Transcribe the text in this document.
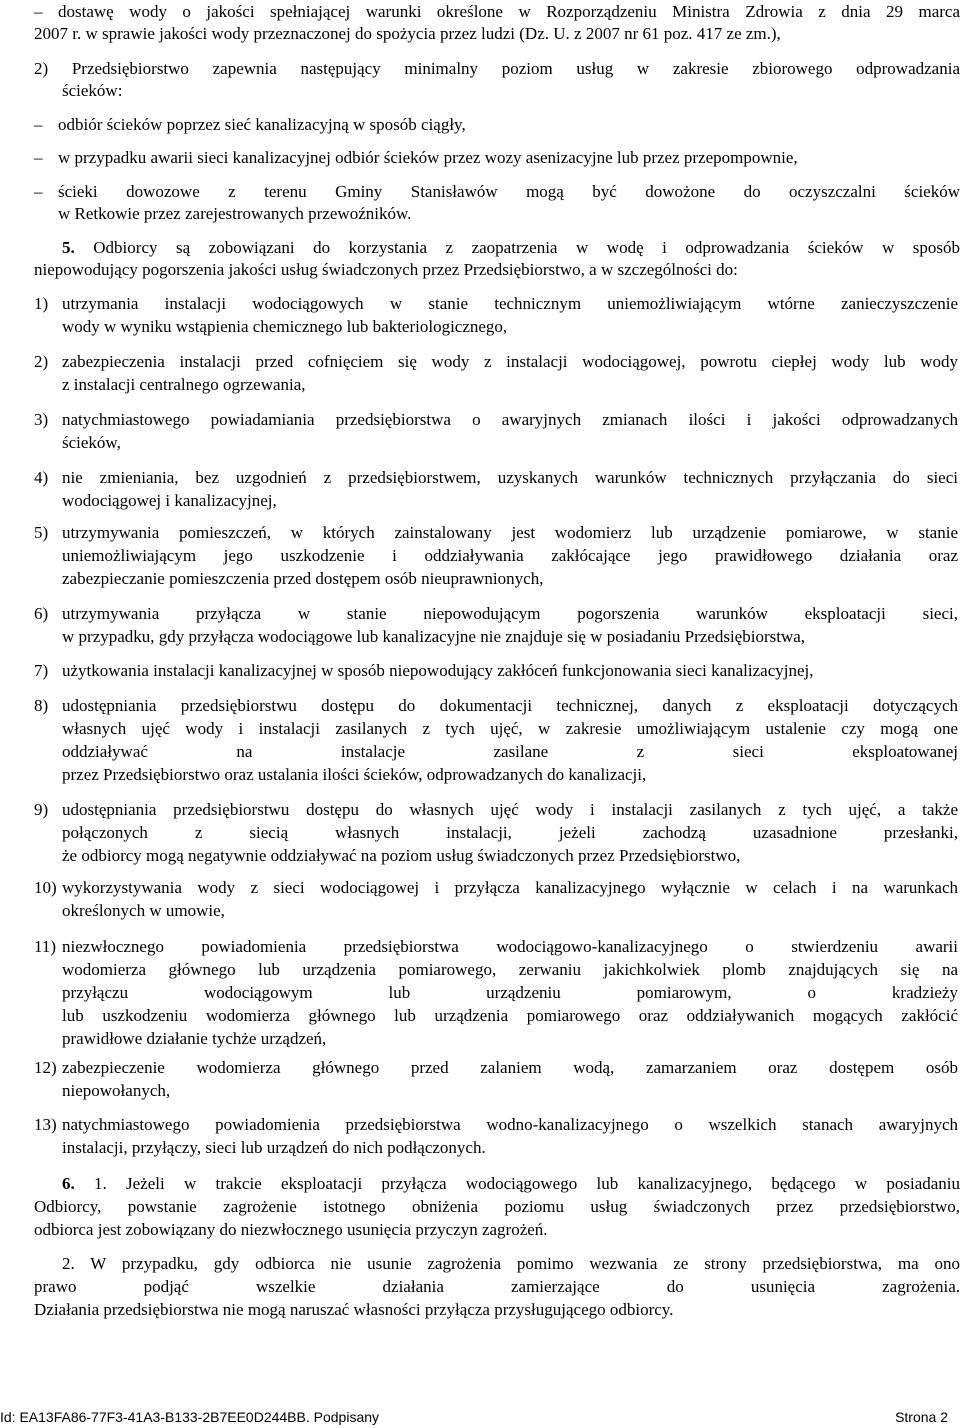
– dostawę wody o jakości spełniającej warunki określone w Rozporządzeniu Ministra Zdrowia z dnia 29 marca
2007 r. w sprawie jakości wody przeznaczonej do spożycia przez ludzi (Dz. U. z 2007 nr 61 poz. 417 ze zm.),
2) Przedsiębiorstwo zapewnia następujący minimalny poziom usług w zakresie zbiorowego odprowadzania
ścieków:
– odbiór ścieków poprzez sieć kanalizacyjną w sposób ciągły,
– w przypadku awarii sieci kanalizacyjnej odbiór ścieków przez wozy asenizacyjne lub przez przepompownie,
– ścieki dowozowe z terenu Gminy Stanisławów mogą być dowożone do oczyszczalni ścieków
w Retkowie przez zarejestrowanych przewoźników.
5. Odbiorcy są zobowiązani do korzystania z zaopatrzenia w wodę i odprowadzania ścieków w sposób
niepowodujący pogorszenia jakości usług świadczonych przez Przedsiębiorstwo, a w szczególności do:
1) utrzymania instalacji wodociągowych w stanie technicznym uniemożliwiającym wtórne zanieczyszczenie
wody w wyniku wstąpienia chemicznego lub bakteriologicznego,
2) zabezpieczenia instalacji przed cofnięciem się wody z instalacji wodociągowej, powrotu ciepłej wody lub wody
z instalacji centralnego ogrzewania,
3) natychmiastowego powiadamiania przedsiębiorstwa o awaryjnych zmianach ilości i jakości odprowadzanych
ścieków,
4) nie zmieniania, bez uzgodnień z przedsiębiorstwem, uzyskanych warunków technicznych przyłączania do sieci
wodociągowej i kanalizacyjnej,
5) utrzymywania pomieszczeń, w których zainstalowany jest wodomierz lub urządzenie pomiarowe, w stanie
uniemożliwiającym jego uszkodzenie i oddziaływania zakłócające jego prawidłowego działania oraz
zabezpieczanie pomieszczenia przed dostępem osób nieuprawnionych,
6) utrzymywania przyłącza w stanie niepowodującym pogorszenia warunków eksploatacji sieci,
w przypadku, gdy przyłącza wodociągowe lub kanalizacyjne nie znajduje się w posiadaniu Przedsiębiorstwa,
7) użytkowania instalacji kanalizacyjnej w sposób niepowodujący zakłóceń funkcjonowania sieci kanalizacyjnej,
8) udostępniania przedsiębiorstwu dostępu do dokumentacji technicznej, danych z eksploatacji dotyczących
własnych ujęć wody i instalacji zasilanych z tych ujęć, w zakresie umożliwiającym ustalenie czy mogą one
oddziaływać na instalacje zasilane z sieci eksploatowanej
przez Przedsiębiorstwo oraz ustalania ilości ścieków, odprowadzanych do kanalizacji,
9) udostępniania przedsiębiorstwu dostępu do własnych ujęć wody i instalacji zasilanych z tych ujęć, a także
połączonych z siecią własnych instalacji, jeżeli zachodzą uzasadnione przesłanki,
że odbiorcy mogą negatywnie oddziaływać na poziom usług świadczonych przez Przedsiębiorstwo,
10) wykorzystywania wody z sieci wodociągowej i przyłącza kanalizacyjnego wyłącznie w celach i na warunkach
określonych w umowie,
11) niezwłocznego powiadomienia przedsiębiorstwa wodociągowo-kanalizacyjnego o stwierdzeniu awarii
wodomierza głównego lub urządzenia pomiarowego, zerwaniu jakichkolwiek plomb znajdujących się na
przyłączu wodociągowym lub urządzeniu pomiarowym, o kradzieży
lub uszkodzeniu wodomierza głównego lub urządzenia pomiarowego oraz oddziaływanich mogących zakłócić
prawidłowe działanie tychże urządzeń,
12) zabezpieczenie wodomierza głównego przed zalaniem wodą, zamarzaniem oraz dostępem osób
niepowołanych,
13) natychmiastowego powiadomienia przedsiębiorstwa wodno-kanalizacyjnego o wszelkich stanach awaryjnych
instalacji, przyłączy, sieci lub urządzeń do nich podłączonych.
6. 1. Jeżeli w trakcie eksploatacji przyłącza wodociągowego lub kanalizacyjnego, będącego w posiadaniu
Odbiorcy, powstanie zagrożenie istotnego obniżenia poziomu usług świadczonych przez przedsiębiorstwo,
odbiorca jest zobowiązany do niezwłocznego usunięcia przyczyn zagrożeń.
2. W przypadku, gdy odbiorca nie usunie zagrożenia pomimo wezwania ze strony przedsiębiorstwa, ma ono
prawo podjąć wszelkie działania zamierzające do usunięcia zagrożenia.
Działania przedsiębiorstwa nie mogą naruszać własności przyłącza przysługującego odbiorcy.
Id: EA13FA86-77F3-41A3-B133-2B7EE0D244BB. Podpisany	Strona 2
